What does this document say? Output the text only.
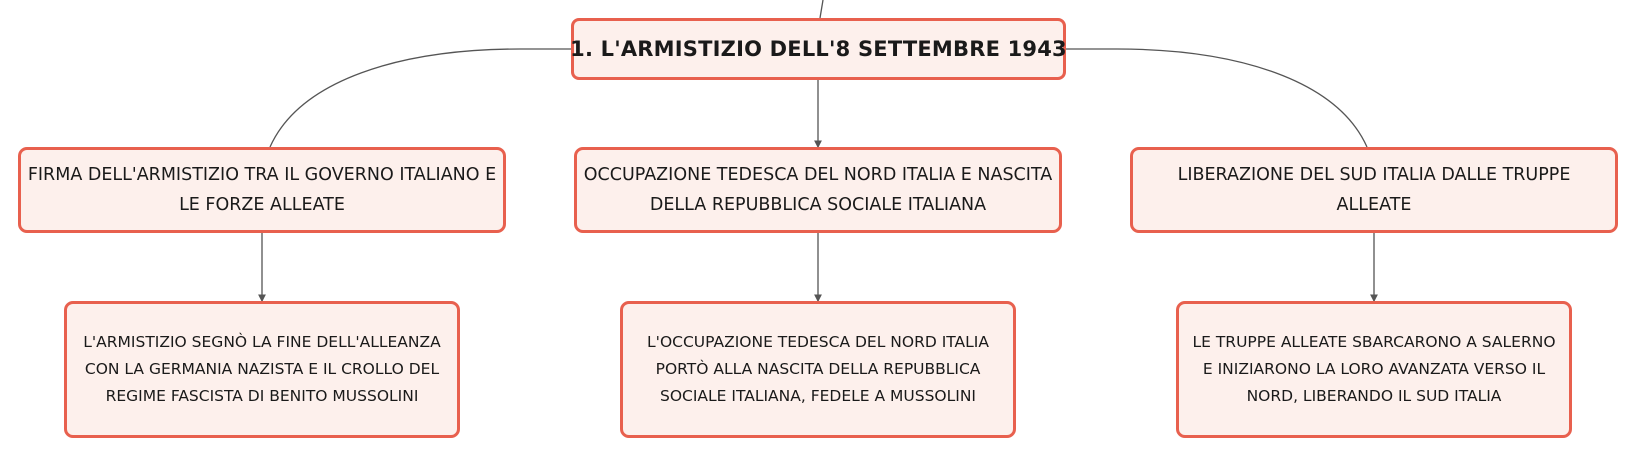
1. L'ARMISTIZIO DELL'8 SETTEMBRE 1943
FIRMA DELL'ARMISTIZIO TRA IL GOVERNO ITALIANO E LE FORZE ALLEATE
OCCUPAZIONE TEDESCA DEL NORD ITALIA E NASCITA DELLA REPUBBLICA SOCIALE ITALIANA
LIBERAZIONE DEL SUD ITALIA DALLE TRUPPE ALLEATE
L'ARMISTIZIO SEGNÒ LA FINE DELL'ALLEANZA CON LA GERMANIA NAZISTA E IL CROLLO DEL REGIME FASCISTA DI BENITO MUSSOLINI
L'OCCUPAZIONE TEDESCA DEL NORD ITALIA PORTÒ ALLA NASCITA DELLA REPUBBLICA SOCIALE ITALIANA, FEDELE A MUSSOLINI
LE TRUPPE ALLEATE SBARCARONO A SALERNO E INIZIARONO LA LORO AVANZATA VERSO IL NORD, LIBERANDO IL SUD ITALIA
